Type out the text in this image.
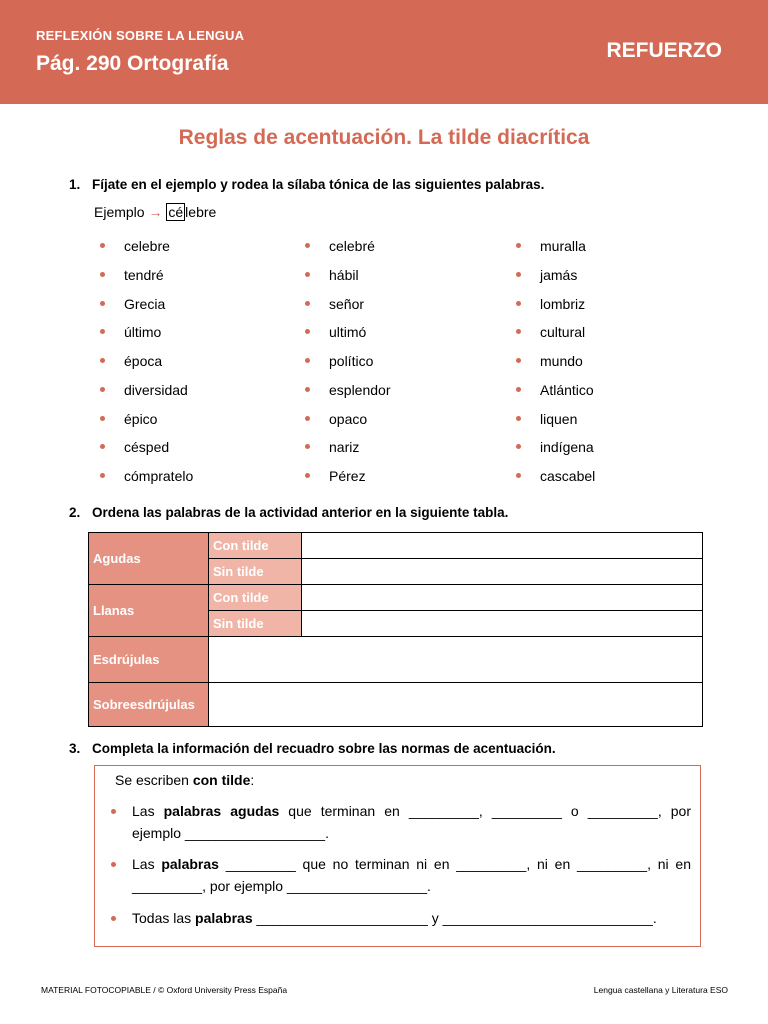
REFLEXIÓN SOBRE LA LENGUA
Pág. 290 Ortografía
REFUERZO
Reglas de acentuación. La tilde diacrítica
1. Fíjate en el ejemplo y rodea la sílaba tónica de las siguientes palabras.
Ejemplo → cé lebre
celebre
tendré
Grecia
último
época
diversidad
épico
césped
cómpratelo
celebré
hábil
señor
ultimó
político
esplendor
opaco
nariz
Pérez
muralla
jamás
lombriz
cultural
mundo
Atlántico
liquen
indígena
cascabel
2. Ordena las palabras de la actividad anterior en la siguiente tabla.
Agudas	Con tilde	
	Sin tilde	
Llanas	Con tilde	
	Sin tilde	
Esdrújulas		
Sobreesdrújulas		
3. Completa la información del recuadro sobre las normas de acentuación.
Se escriben con tilde:
Las palabras agudas que terminan en _________, _________ o _________, por ejemplo __________________.
Las palabras _________ que no terminan ni en _________, ni en _________, ni en _________, por ejemplo __________________.
Todas las palabras ______________________ y ___________________________.
MATERIAL FOTOCOPIABLE / © Oxford University Press España	Lengua castellana y Literatura ESO
